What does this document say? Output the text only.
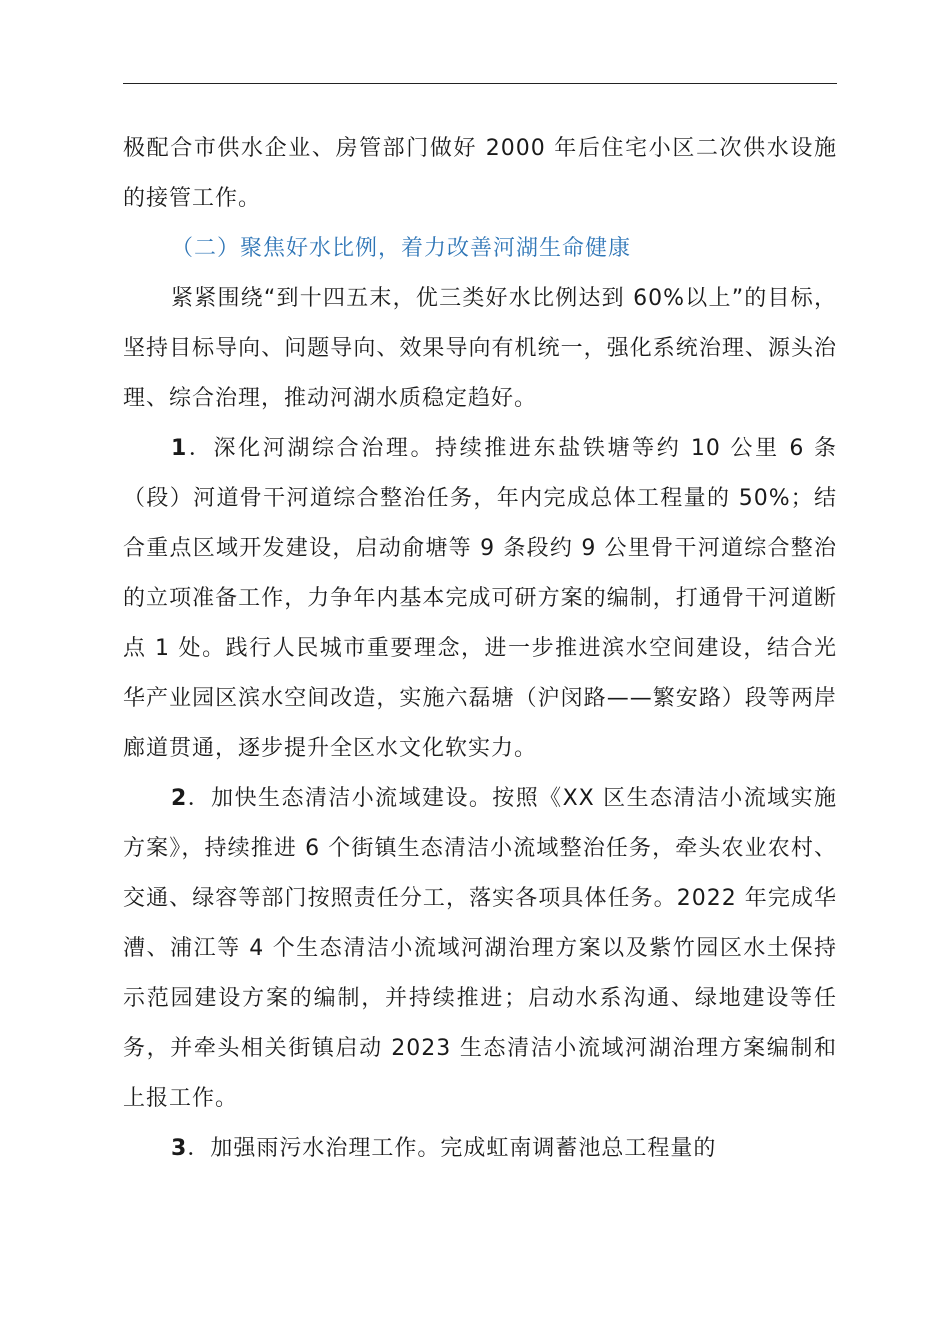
极配合市供水企业、房管部门做好 2000 年后住宅小区二次供水设施的接管工作。

（二）聚焦好水比例，着力改善河湖生命健康

紧紧围绕“到十四五末，优三类好水比例达到 60%以上”的目标，坚持目标导向、问题导向、效果导向有机统一，强化系统治理、源头治理、综合治理，推动河湖水质稳定趋好。

1．深化河湖综合治理。持续推进东盐铁塘等约 10 公里 6 条（段）河道骨干河道综合整治任务，年内完成总体工程量的 50%；结合重点区域开发建设，启动俞塘等 9 条段约 9 公里骨干河道综合整治的立项准备工作，力争年内基本完成可研方案的编制，打通骨干河道断点 1 处。践行人民城市重要理念，进一步推进滨水空间建设，结合光华产业园区滨水空间改造，实施六磊塘（沪闵路——繁安路）段等两岸廊道贯通，逐步提升全区水文化软实力。

2．加快生态清洁小流域建设。按照《XX 区生态清洁小流域实施方案》，持续推进 6 个街镇生态清洁小流域整治任务，牵头农业农村、交通、绿容等部门按照责任分工，落实各项具体任务。2022 年完成华漕、浦江等 4 个生态清洁小流域河湖治理方案以及紫竹园区水土保持示范园建设方案的编制，并持续推进；启动水系沟通、绿地建设等任务，并牵头相关街镇启动 2023 生态清洁小流域河湖治理方案编制和上报工作。

3．加强雨污水治理工作。完成虹南调蓄池总工程量的
